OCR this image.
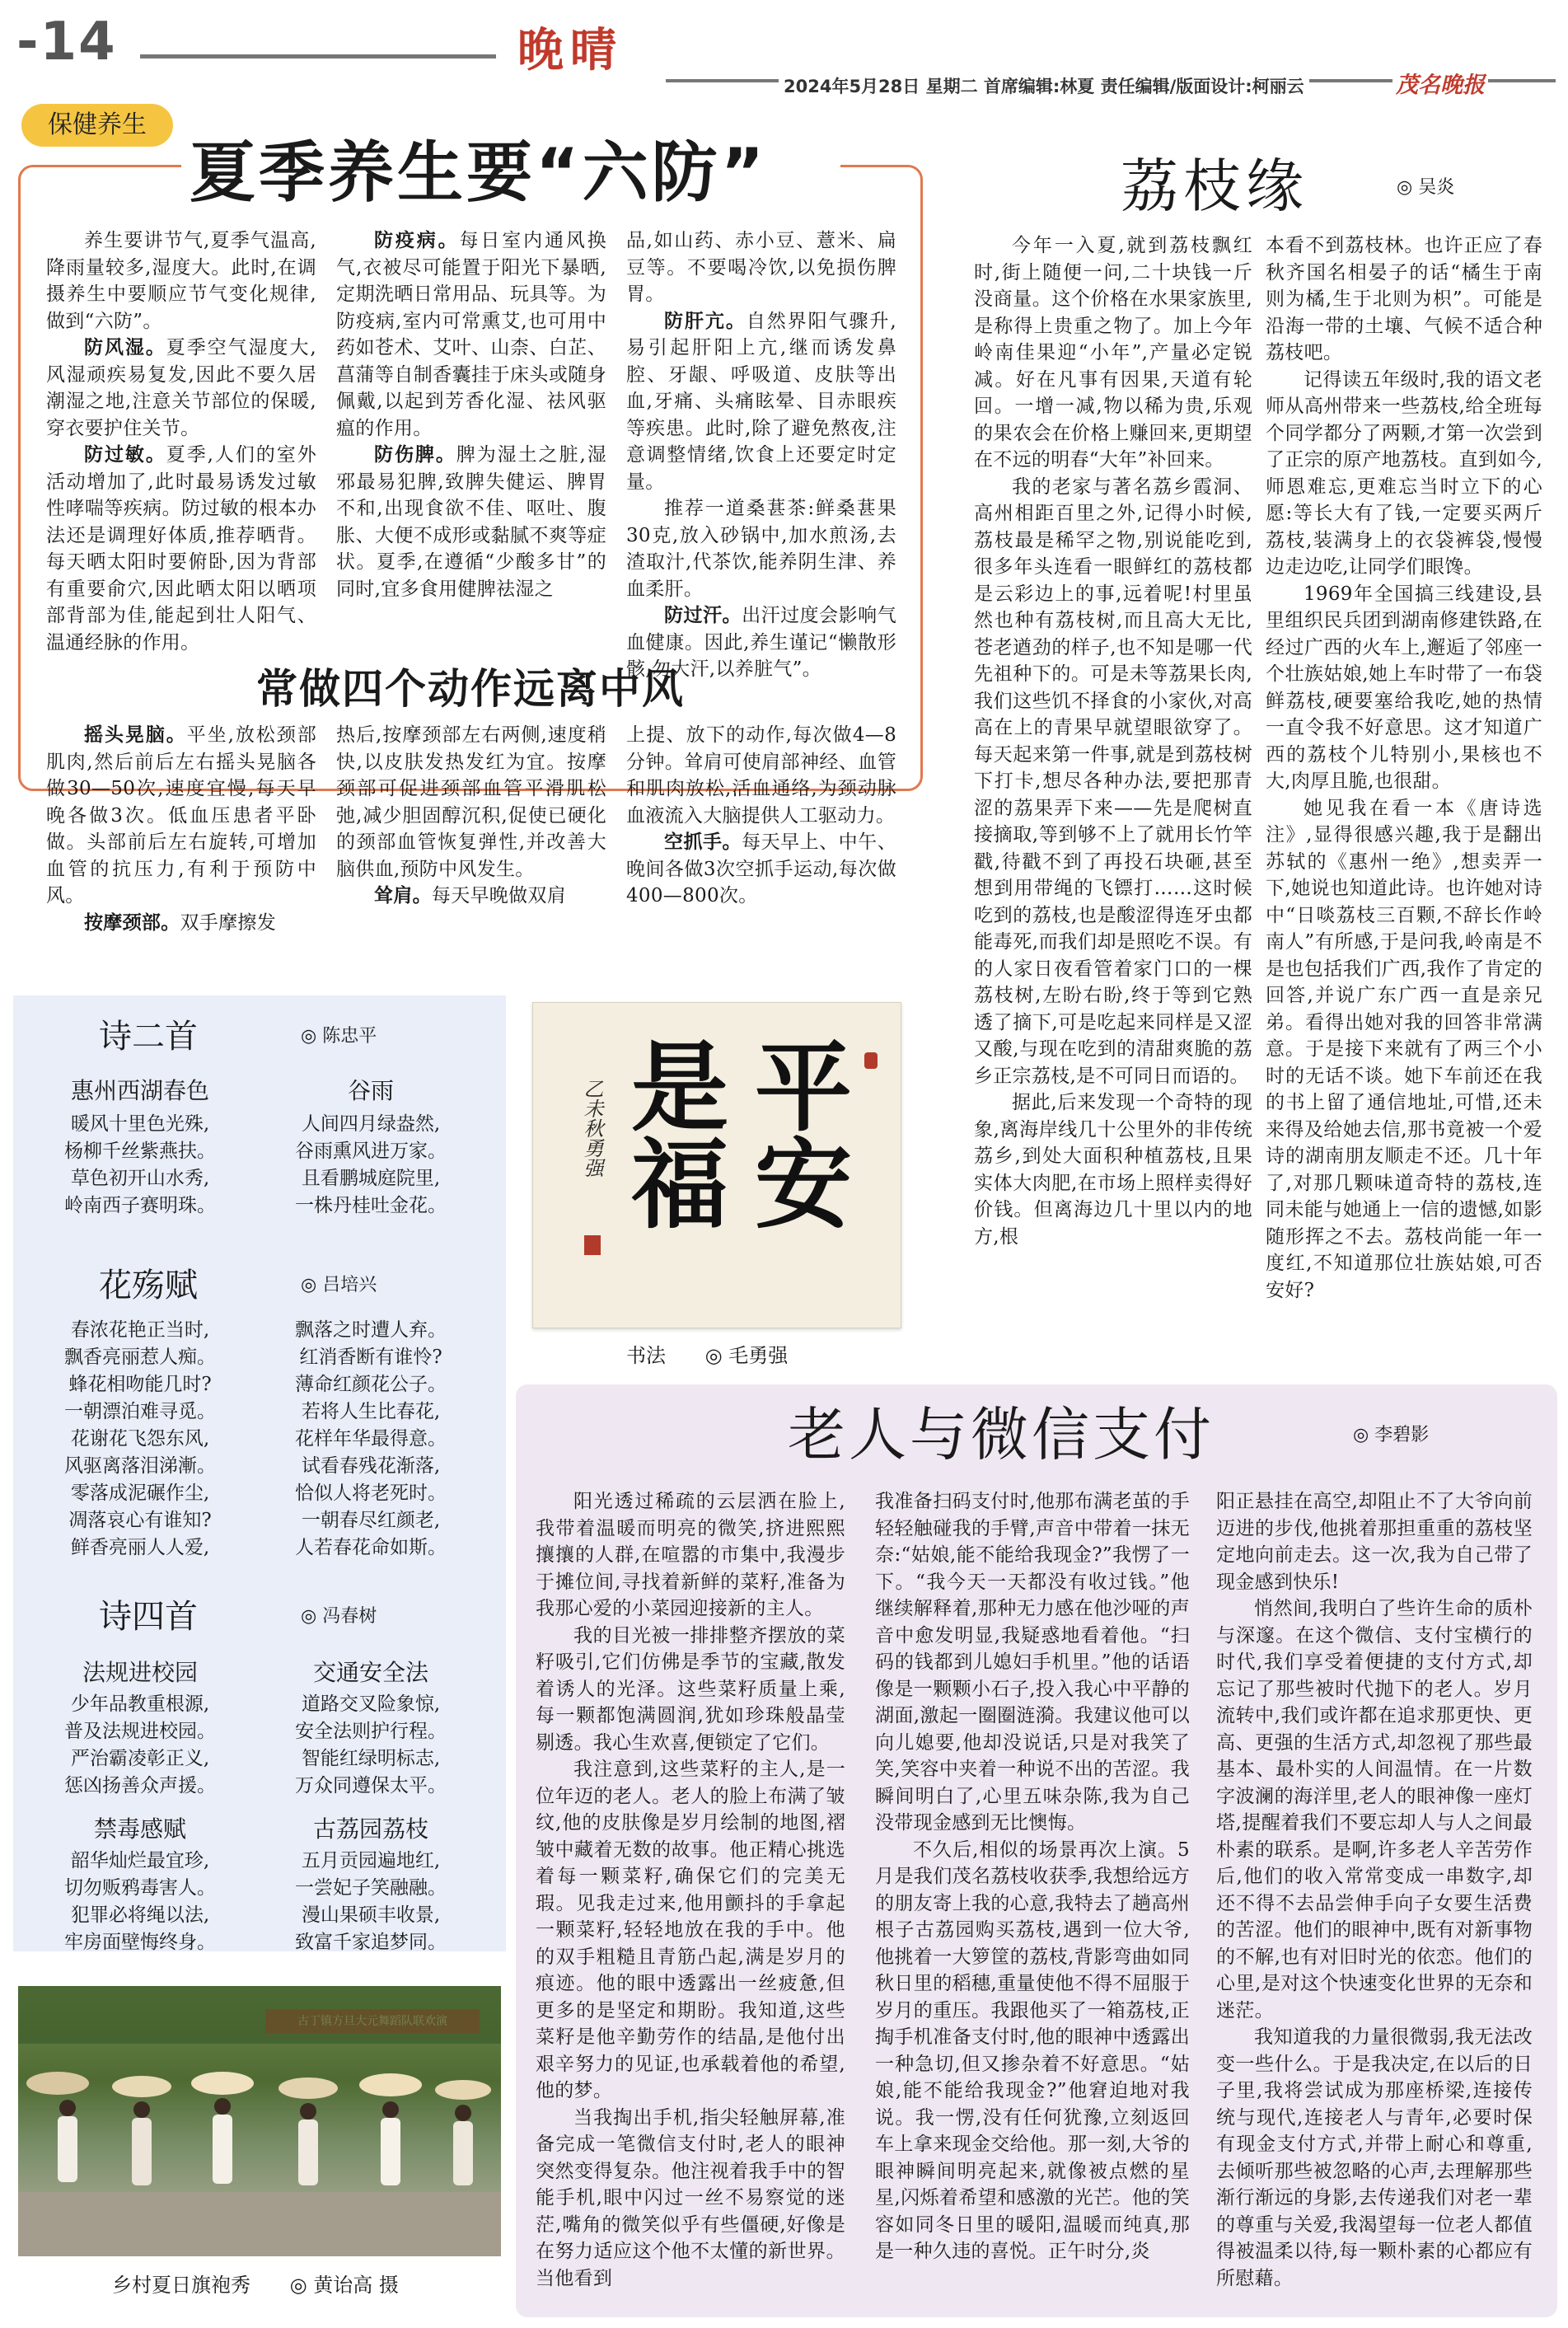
-14	晚晴
2024年5月28日 星期二 首席编辑:林夏 责任编辑/版面设计:柯丽云	茂名晚报
保健养生
夏季养生要“六防”

养生要讲节气,夏季气温高,降雨量较多,湿度大。此时,在调摄养生中要顺应节气变化规律,做到“六防”。

防风湿。夏季空气湿度大,风湿顽疾易复发,因此不要久居潮湿之地,注意关节部位的保暖,穿衣要护住关节。

防过敏。夏季,人们的室外活动增加了,此时最易诱发过敏性哮喘等疾病。防过敏的根本办法还是调理好体质,推荐晒背。每天晒太阳时要俯卧,因为背部有重要俞穴,因此晒太阳以晒项部背部为佳,能起到壮人阳气、温通经脉的作用。

防疫病。每日室内通风换气,衣被尽可能置于阳光下暴晒,定期洗晒日常用品、玩具等。为防疫病,室内可常熏艾,也可用中药如苍术、艾叶、山柰、白芷、菖蒲等自制香囊挂于床头或随身佩戴,以起到芳香化湿、祛风驱瘟的作用。

防伤脾。脾为湿土之脏,湿邪最易犯脾,致脾失健运、脾胃不和,出现食欲不佳、呕吐、腹胀、大便不成形或黏腻不爽等症状。夏季,在遵循“少酸多甘”的同时,宜多食用健脾祛湿之

品,如山药、赤小豆、薏米、扁豆等。不要喝冷饮,以免损伤脾胃。

防肝亢。自然界阳气骤升,易引起肝阳上亢,继而诱发鼻腔、牙龈、呼吸道、皮肤等出血,牙痛、头痛眩晕、目赤眼疾等疾患。此时,除了避免熬夜,注意调整情绪,饮食上还要定时定量。

推荐一道桑葚茶:鲜桑葚果30克,放入砂锅中,加水煎汤,去渣取汁,代茶饮,能养阴生津、养血柔肝。

防过汗。出汗过度会影响气血健康。因此,养生谨记“懒散形骸,勿大汗,以养脏气”。

常做四个动作远离中风

摇头晃脑。平坐,放松颈部肌肉,然后前后左右摇头晃脑各做30—50次,速度宜慢,每天早晚各做3次。低血压患者平卧做。头部前后左右旋转,可增加血管的抗压力,有利于预防中风。

按摩颈部。双手摩擦发

热后,按摩颈部左右两侧,速度稍快,以皮肤发热发红为宜。按摩颈部可促进颈部血管平滑肌松弛,减少胆固醇沉积,促使已硬化的颈部血管恢复弹性,并改善大脑供血,预防中风发生。

耸肩。每天早晚做双肩

上提、放下的动作,每次做4—8分钟。耸肩可使肩部神经、血管和肌肉放松,活血通络,为颈动脉血液流入大脑提供人工驱动力。

空抓手。每天早上、中午、晚间各做3次空抓手运动,每次做400—800次。

荔枝缘	◎ 吴炎

今年一入夏,就到荔枝飘红时,街上随便一问,二十块钱一斤没商量。这个价格在水果家族里,是称得上贵重之物了。加上今年岭南佳果迎“小年”,产量必定锐减。好在凡事有因果,天道有轮回。一增一减,物以稀为贵,乐观的果农会在价格上赚回来,更期望在不远的明春“大年”补回来。

我的老家与著名荔乡霞洞、高州相距百里之外,记得小时候,荔枝最是稀罕之物,别说能吃到,很多年头连看一眼鲜红的荔枝都是云彩边上的事,远着呢!村里虽然也种有荔枝树,而且高大无比,苍老遒劲的样子,也不知是哪一代先祖种下的。可是未等荔果长肉,我们这些饥不择食的小家伙,对高高在上的青果早就望眼欲穿了。每天起来第一件事,就是到荔枝树下打卡,想尽各种办法,要把那青涩的荔果弄下来——先是爬树直接摘取,等到够不上了就用长竹竿戳,待戳不到了再投石块砸,甚至想到用带绳的飞镖打……这时候吃到的荔枝,也是酸涩得连牙虫都能毒死,而我们却是照吃不误。有的人家日夜看管着家门口的一棵荔枝树,左盼右盼,终于等到它熟透了摘下,可是吃起来同样是又涩又酸,与现在吃到的清甜爽脆的荔乡正宗荔枝,是不可同日而语的。

据此,后来发现一个奇特的现象,离海岸线几十公里外的非传统荔乡,到处大面积种植荔枝,且果实体大肉肥,在市场上照样卖得好价钱。但离海边几十里以内的地方,根

本看不到荔枝林。也许正应了春秋齐国名相晏子的话“橘生于南则为橘,生于北则为枳”。可能是沿海一带的土壤、气候不适合种荔枝吧。

记得读五年级时,我的语文老师从高州带来一些荔枝,给全班每个同学都分了两颗,才第一次尝到了正宗的原产地荔枝。直到如今,师恩难忘,更难忘当时立下的心愿:等长大有了钱,一定要买两斤荔枝,装满身上的衣袋裤袋,慢慢边走边吃,让同学们眼馋。

1969年全国搞三线建设,县里组织民兵团到湖南修建铁路,在经过广西的火车上,邂逅了邻座一个壮族姑娘,她上车时带了一布袋鲜荔枝,硬要塞给我吃,她的热情一直令我不好意思。这才知道广西的荔枝个儿特别小,果核也不大,肉厚且脆,也很甜。

她见我在看一本《唐诗选注》,显得很感兴趣,我于是翻出苏轼的《惠州一绝》,想卖弄一下,她说也知道此诗。也许她对诗中“日啖荔枝三百颗,不辞长作岭南人”有所感,于是问我,岭南是不是也包括我们广西,我作了肯定的回答,并说广东广西一直是亲兄弟。看得出她对我的回答非常满意。于是接下来就有了两三个小时的无话不谈。她下车前还在我的书上留了通信地址,可惜,还未来得及给她去信,那书竟被一个爱诗的湖南朋友顺走不还。几十年了,对那几颗味道奇特的荔枝,连同未能与她通上一信的遗憾,如影随形挥之不去。荔枝尚能一年一度红,不知道那位壮族姑娘,可否安好?

诗二首	◎ 陈忠平
惠州西湖春色
暖风十里色光殊,
杨柳千丝紫燕扶。
草色初开山水秀,
岭南西子赛明珠。
谷雨
人间四月绿盎然,
谷雨熏风进万家。
且看鹏城庭院里,
一株丹桂吐金花。
花殇赋	◎ 吕培兴
春浓花艳正当时,
飘香亮丽惹人痴。
蜂花相吻能几时?
一朝漂泊难寻觅。
花谢花飞怨东风,
风驱离落泪涕漸。
零落成泥碾作尘,
凋落哀心有谁知?
鲜香亮丽人人爱,
飘落之时遭人弃。
红消香断有谁怜?
薄命红颜花公子。
若将人生比春花,
花样年华最得意。
试看春残花渐落,
恰似人将老死时。
一朝春尽红颜老,
人若春花命如斯。
诗四首	◎ 冯春树
法规进校园
少年品教重根源,
普及法规进校园。
严治霸凌彰正义,
惩凶扬善众声援。
交通安全法
道路交叉险象惊,
安全法则护行程。
智能红绿明标志,
万众同遵保太平。
禁毒感赋
韶华灿烂最宜珍,
切勿贩鸦毒害人。
犯罪必将绳以法,
牢房面壁悔终身。
古荔园荔枝
五月贡园遍地红,
一尝妃子笑融融。
漫山果硕丰收景,
致富千家追梦同。
乡村夏日旗袍秀 ◎ 黄诒高 摄
平安
是福
乙未秋勇强
书法 ◎ 毛勇强
老人与微信支付	◎ 李碧影

阳光透过稀疏的云层洒在脸上,我带着温暖而明亮的微笑,挤进熙熙攘攘的人群,在喧嚣的市集中,我漫步于摊位间,寻找着新鲜的菜籽,准备为我那心爱的小菜园迎接新的主人。

我的目光被一排排整齐摆放的菜籽吸引,它们仿佛是季节的宝藏,散发着诱人的光泽。这些菜籽质量上乘,每一颗都饱满圆润,犹如珍珠般晶莹剔透。我心生欢喜,便锁定了它们。

我注意到,这些菜籽的主人,是一位年迈的老人。老人的脸上布满了皱纹,他的皮肤像是岁月绘制的地图,褶皱中藏着无数的故事。他正精心挑选着每一颗菜籽,确保它们的完美无瑕。见我走过来,他用颤抖的手拿起一颗菜籽,轻轻地放在我的手中。他的双手粗糙且青筋凸起,满是岁月的痕迹。他的眼中透露出一丝疲惫,但更多的是坚定和期盼。我知道,这些菜籽是他辛勤劳作的结晶,是他付出艰辛努力的见证,也承载着他的希望,他的梦。

当我掏出手机,指尖轻触屏幕,准备完成一笔微信支付时,老人的眼神突然变得复杂。他注视着我手中的智能手机,眼中闪过一丝不易察觉的迷茫,嘴角的微笑似乎有些僵硬,好像是在努力适应这个他不太懂的新世界。当他看到

我准备扫码支付时,他那布满老茧的手轻轻触碰我的手臂,声音中带着一抹无奈:“姑娘,能不能给我现金?”我愣了一下。“我今天一天都没有收过钱。”他继续解释着,那种无力感在他沙哑的声音中愈发明显,我疑惑地看着他。“扫码的钱都到儿媳妇手机里。”他的话语像是一颗颗小石子,投入我心中平静的湖面,激起一圈圈涟漪。我建议他可以向儿媳要,他却没说话,只是对我笑了笑,笑容中夹着一种说不出的苦涩。我瞬间明白了,心里五味杂陈,我为自己没带现金感到无比懊悔。

不久后,相似的场景再次上演。5月是我们茂名荔枝收获季,我想给远方的朋友寄上我的心意,我特去了趟高州根子古荔园购买荔枝,遇到一位大爷,他挑着一大箩筐的荔枝,背影弯曲如同秋日里的稻穗,重量使他不得不屈服于岁月的重压。我跟他买了一箱荔枝,正掏手机准备支付时,他的眼神中透露出一种急切,但又掺杂着不好意思。“姑娘,能不能给我现金?”他窘迫地对我说。我一愣,没有任何犹豫,立刻返回车上拿来现金交给他。那一刻,大爷的眼神瞬间明亮起来,就像被点燃的星星,闪烁着希望和感激的光芒。他的笑容如同冬日里的暖阳,温暖而纯真,那是一种久违的喜悦。正午时分,炎

阳正悬挂在高空,却阻止不了大爷向前迈进的步伐,他挑着那担重重的荔枝坚定地向前走去。这一次,我为自己带了现金感到快乐!

悄然间,我明白了些许生命的质朴与深邃。在这个微信、支付宝横行的时代,我们享受着便捷的支付方式,却忘记了那些被时代抛下的老人。岁月流转中,我们或许都在追求那更快、更高、更强的生活方式,却忽视了那些最基本、最朴实的人间温情。在一片数字波澜的海洋里,老人的眼神像一座灯塔,提醒着我们不要忘却人与人之间最朴素的联系。是啊,许多老人辛苦劳作后,他们的收入常常变成一串数字,却还不得不去品尝伸手向子女要生活费的苦涩。他们的眼神中,既有对新事物的不解,也有对旧时光的依恋。他们的心里,是对这个快速变化世界的无奈和迷茫。

我知道我的力量很微弱,我无法改变一些什么。于是我决定,在以后的日子里,我将尝试成为那座桥梁,连接传统与现代,连接老人与青年,必要时保有现金支付方式,并带上耐心和尊重,去倾听那些被忽略的心声,去理解那些渐行渐远的身影,去传递我们对老一辈的尊重与关爱,我渴望每一位老人都值得被温柔以待,每一颗朴素的心都应有所慰藉。
